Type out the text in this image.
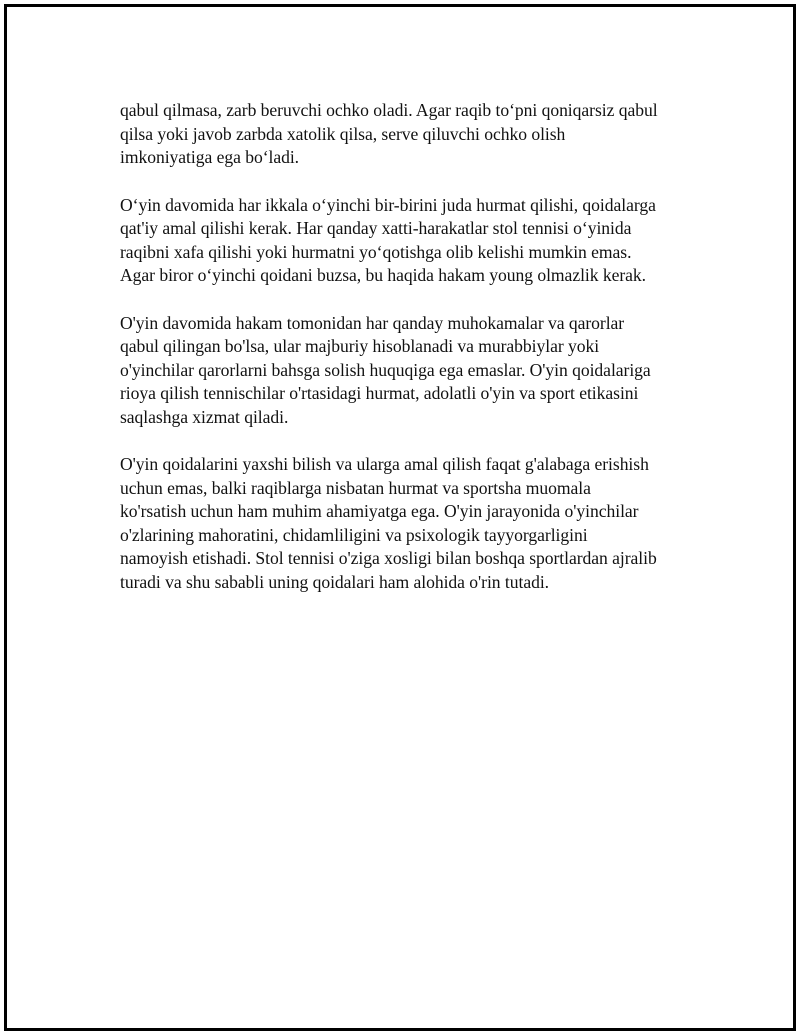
qabul qilmasa, zarb beruvchi ochko oladi. Agar raqib to‘pni qoniqarsiz qabul
qilsa yoki javob zarbda xatolik qilsa, serve qiluvchi ochko olish
imkoniyatiga ega bo‘ladi.

O‘yin davomida har ikkala o‘yinchi bir-birini juda hurmat qilishi, qoidalarga
qat'iy amal qilishi kerak. Har qanday xatti-harakatlar stol tennisi o‘yinida
raqibni xafa qilishi yoki hurmatni yo‘qotishga olib kelishi mumkin emas.
Agar biror o‘yinchi qoidani buzsa, bu haqida hakam young olmazlik kerak.

O'yin davomida hakam tomonidan har qanday muhokamalar va qarorlar
qabul qilingan bo'lsa, ular majburiy hisoblanadi va murabbiylar yoki
o'yinchilar qarorlarni bahsga solish huquqiga ega emaslar. O'yin qoidalariga
rioya qilish tennischilar o'rtasidagi hurmat, adolatli o'yin va sport etikasini
saqlashga xizmat qiladi.

O'yin qoidalarini yaxshi bilish va ularga amal qilish faqat g'alabaga erishish
uchun emas, balki raqiblarga nisbatan hurmat va sportsha muomala
ko'rsatish uchun ham muhim ahamiyatga ega. O'yin jarayonida o'yinchilar
o'zlarining mahoratini, chidamliligini va psixologik tayyorgarligini
namoyish etishadi. Stol tennisi o'ziga xosligi bilan boshqa sportlardan ajralib
turadi va shu sababli uning qoidalari ham alohida o'rin tutadi.
